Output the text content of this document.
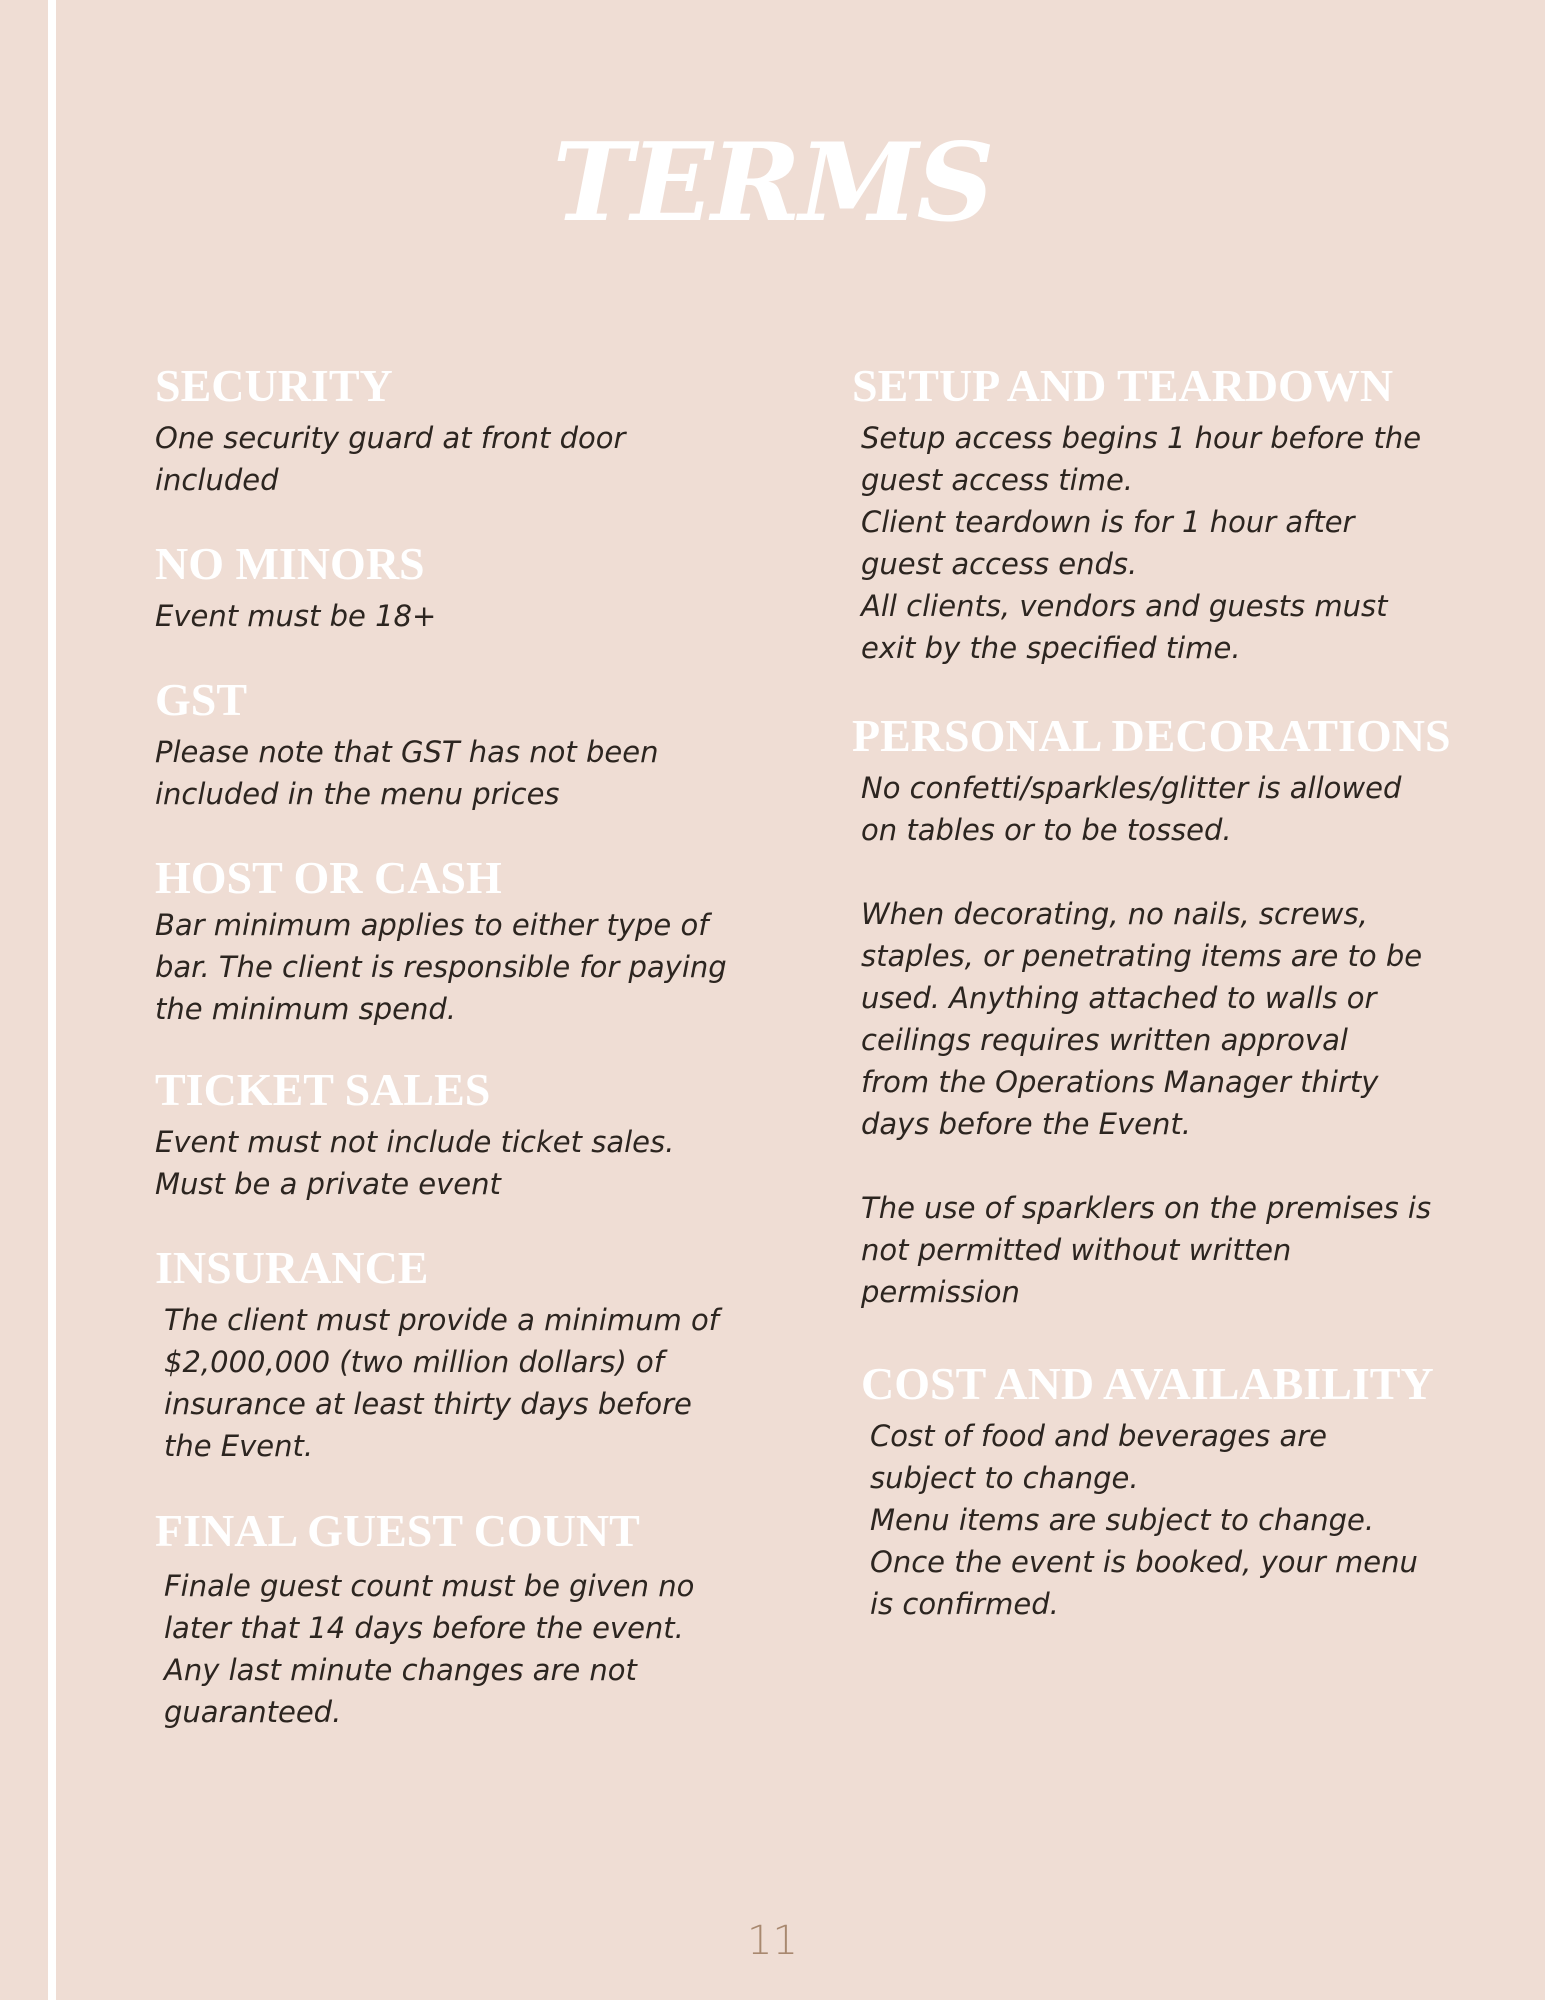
TERMS
SECURITY

One security guard at front door
included

NO MINORS

Event must be 18+

GST

Please note that GST has not been
included in the menu prices

HOST OR CASH

Bar minimum applies to either type of
bar. The client is responsible for paying
the minimum spend.

TICKET SALES

Event must not include ticket sales.
Must be a private event

INSURANCE

The client must provide a minimum of
$2,000,000 (two million dollars) of
insurance at least thirty days before
the Event.

FINAL GUEST COUNT

Finale guest count must be given no
later that 14 days before the event.
Any last minute changes are not
guaranteed.

SETUP AND TEARDOWN

Setup access begins 1 hour before the
guest access time.
Client teardown is for 1 hour after
guest access ends.
All clients, vendors and guests must
exit by the specified time.

PERSONAL DECORATIONS

No confetti/sparkles/glitter is allowed
on tables or to be tossed.
When decorating, no nails, screws,
staples, or penetrating items are to be
used. Anything attached to walls or
ceilings requires written approval
from the Operations Manager thirty
days before the Event.
The use of sparklers on the premises is
not permitted without written
permission

COST AND AVAILABILITY

Cost of food and beverages are
subject to change.
Menu items are subject to change.
Once the event is booked, your menu
is confirmed.

11
